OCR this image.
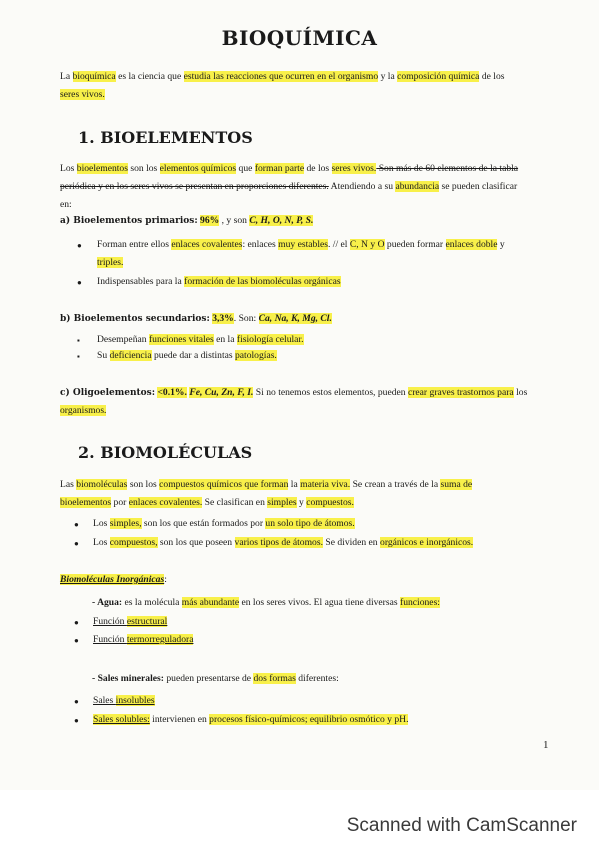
BIOQUÍMICA
La bioquímica es la ciencia que estudia las reacciones que ocurren en el organismo y la composición química de los
seres vivos.
1. BIOELEMENTOS
Los bioelementos son los elementos químicos que forman parte de los seres vivos. Son más de 60 elementos de la tabla
periódica y en los seres vivos se presentan en proporciones diferentes. Atendiendo a su abundancia se pueden clasificar
en:
a) Bioelementos primarios: 96% , y son C, H, O, N, P, S.
● Forman entre ellos enlaces covalentes: enlaces muy estables. // el C, N y O pueden formar enlaces doble y
triples.
● Indispensables para la formación de las biomoléculas orgánicas
b) Bioelementos secundarios: 3,3%. Son: Ca, Na, K, Mg, Cl.
▪ Desempeñan funciones vitales en la fisiología celular.
▪ Su deficiencia puede dar a distintas patologías.
c) Oligoelementos: <0.1%. Fe, Cu, Zn, F, I. Si no tenemos estos elementos, pueden crear graves trastornos para los
organismos.
2. BIOMOLÉCULAS
Las biomoléculas son los compuestos químicos que forman la materia viva. Se crean a través de la suma de
bioelementos por enlaces covalentes. Se clasifican en simples y compuestos.
● Los simples, son los que están formados por un solo tipo de átomos.
● Los compuestos, son los que poseen varios tipos de átomos. Se dividen en orgánicos e inorgánicos.
Biomoléculas Inorgánicas:
- Agua: es la molécula más abundante en los seres vivos. El agua tiene diversas funciones:
● Función estructural
● Función termorreguladora
- Sales minerales: pueden presentarse de dos formas diferentes:
● Sales insolubles
● Sales solubles: intervienen en procesos físico-químicos; equilibrio osmótico y pH.
1
Scanned with CamScanner
